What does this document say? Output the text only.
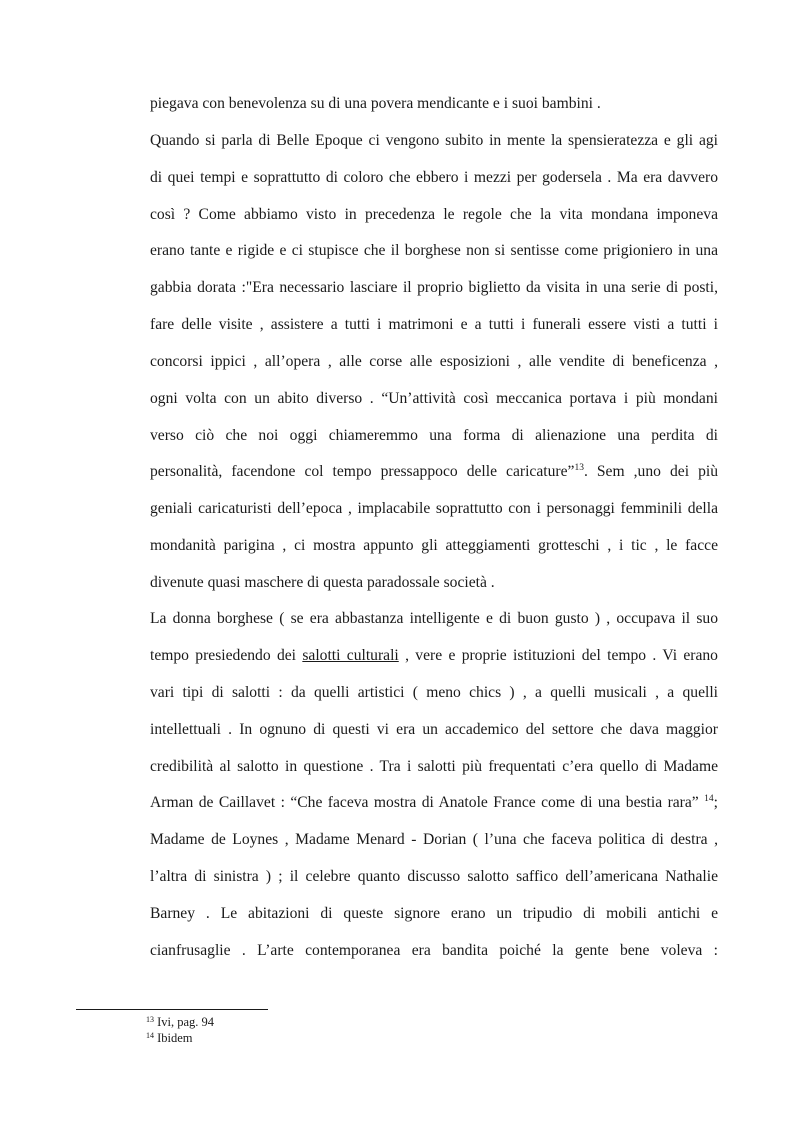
piegava con benevolenza su di una povera mendicante e i suoi bambini .
Quando si parla di Belle Epoque ci vengono subito in mente la spensieratezza e gli agi
di quei tempi e soprattutto di coloro che ebbero i mezzi per godersela . Ma era davvero
così ? Come abbiamo visto in precedenza le regole che la vita mondana imponeva
erano tante e rigide e ci stupisce che il borghese non si sentisse come prigioniero in una
gabbia dorata :"Era necessario lasciare il proprio biglietto da visita in una serie di posti,
fare delle visite , assistere a tutti i matrimoni e a tutti i funerali essere visti a tutti i
concorsi ippici , all’opera , alle corse alle esposizioni , alle vendite di beneficenza ,
ogni volta con un abito diverso . “Un’attività così meccanica portava i più mondani
verso ciò che noi oggi chiameremmo una forma di alienazione una perdita di
personalità, facendone col tempo pressappoco delle caricature”$^{13}$. Sem ,uno dei più
geniali caricaturisti dell’epoca , implacabile soprattutto con i personaggi femminili della
mondanità parigina , ci mostra appunto gli atteggiamenti grotteschi , i tic , le facce
divenute quasi maschere di questa paradossale società .
La donna borghese ( se era abbastanza intelligente e di buon gusto ) , occupava il suo
tempo presiedendo dei salotti culturali , vere e proprie istituzioni del tempo . Vi erano
vari tipi di salotti : da quelli artistici ( meno chics ) , a quelli musicali , a quelli
intellettuali . In ognuno di questi vi era un accademico del settore che dava maggior
credibilità al salotto in questione . Tra i salotti più frequentati c’era quello di Madame
Arman de Caillavet : “Che faceva mostra di Anatole France come di una bestia rara” $^{14}$;
Madame de Loynes , Madame Menard - Dorian ( l’una che faceva politica di destra ,
l’altra di sinistra ) ; il celebre quanto discusso salotto saffico dell’americana Nathalie
Barney . Le abitazioni di queste signore erano un tripudio di mobili antichi e
cianfrusaglie . L’arte contemporanea era bandita poiché la gente bene voleva :
$^{13}$ Ivi, pag. 94
$^{14}$ Ibidem
